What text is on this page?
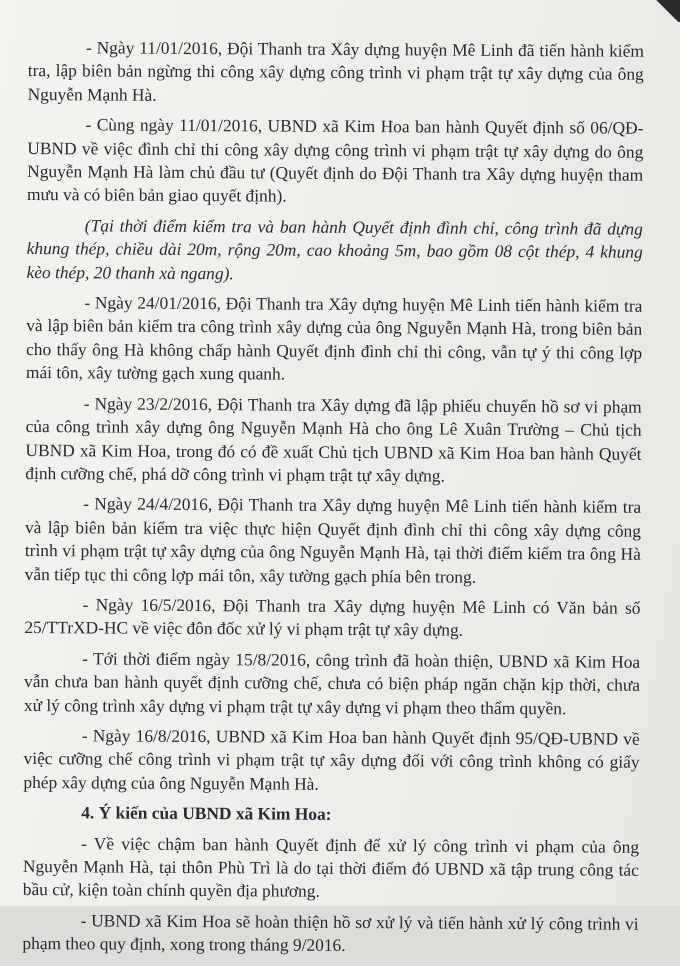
- Ngày 11/01/2016, Đội Thanh tra Xây dựng huyện Mê Linh đã tiến hành kiểm tra, lập biên bản ngừng thi công xây dựng công trình vi phạm trật tự xây dựng của ông Nguyễn Mạnh Hà.

- Cùng ngày 11/01/2016, UBND xã Kim Hoa ban hành Quyết định số 06/QĐ-UBND về việc đình chỉ thi công xây dựng công trình vi phạm trật tự xây dựng do ông Nguyễn Mạnh Hà làm chủ đầu tư (Quyết định do Đội Thanh tra Xây dựng huyện tham mưu và có biên bản giao quyết định).

(Tại thời điểm kiểm tra và ban hành Quyết định đình chỉ, công trình đã dựng khung thép, chiều dài 20m, rộng 20m, cao khoảng 5m, bao gồm 08 cột thép, 4 khung kèo thép, 20 thanh xà ngang).

- Ngày 24/01/2016, Đội Thanh tra Xây dựng huyện Mê Linh tiến hành kiểm tra và lập biên bản kiểm tra công trình xây dựng của ông Nguyễn Mạnh Hà, trong biên bản cho thấy ông Hà không chấp hành Quyết định đình chỉ thi công, vẫn tự ý thi công lợp mái tôn, xây tường gạch xung quanh.

- Ngày 23/2/2016, Đội Thanh tra Xây dựng đã lập phiếu chuyển hồ sơ vi phạm của công trình xây dựng ông Nguyễn Mạnh Hà cho ông Lê Xuân Trường – Chủ tịch UBND xã Kim Hoa, trong đó có đề xuất Chủ tịch UBND xã Kim Hoa ban hành Quyết định cưỡng chế, phá dỡ công trình vi phạm trật tự xây dựng.

- Ngày 24/4/2016, Đội Thanh tra Xây dựng huyện Mê Linh tiến hành kiểm tra và lập biên bản kiểm tra việc thực hiện Quyết định đình chỉ thi công xây dựng công trình vi phạm trật tự xây dựng của ông Nguyễn Mạnh Hà, tại thời điểm kiểm tra ông Hà vẫn tiếp tục thi công lợp mái tôn, xây tường gạch phía bên trong.

- Ngày 16/5/2016, Đội Thanh tra Xây dựng huyện Mê Linh có Văn bản số 25/TTrXD-HC về việc đôn đốc xử lý vi phạm trật tự xây dựng.

- Tới thời điểm ngày 15/8/2016, công trình đã hoàn thiện, UBND xã Kim Hoa vẫn chưa ban hành quyết định cưỡng chế, chưa có biện pháp ngăn chặn kịp thời, chưa xử lý công trình xây dựng vi phạm trật tự xây dựng vi phạm theo thẩm quyền.

- Ngày 16/8/2016, UBND xã Kim Hoa ban hành Quyết định 95/QĐ-UBND về việc cưỡng chế công trình vi phạm trật tự xây dựng đối với công trình không có giấy phép xây dựng của ông Nguyễn Mạnh Hà.

4. Ý kiến của UBND xã Kim Hoa:

- Về việc chậm ban hành Quyết định để xử lý công trình vi phạm của ông Nguyễn Mạnh Hà, tại thôn Phù Trì là do tại thời điểm đó UBND xã tập trung công tác bầu cử, kiện toàn chính quyền địa phương.

- UBND xã Kim Hoa sẽ hoàn thiện hồ sơ xử lý và tiến hành xử lý công trình vi phạm theo quy định, xong trong tháng 9/2016.
